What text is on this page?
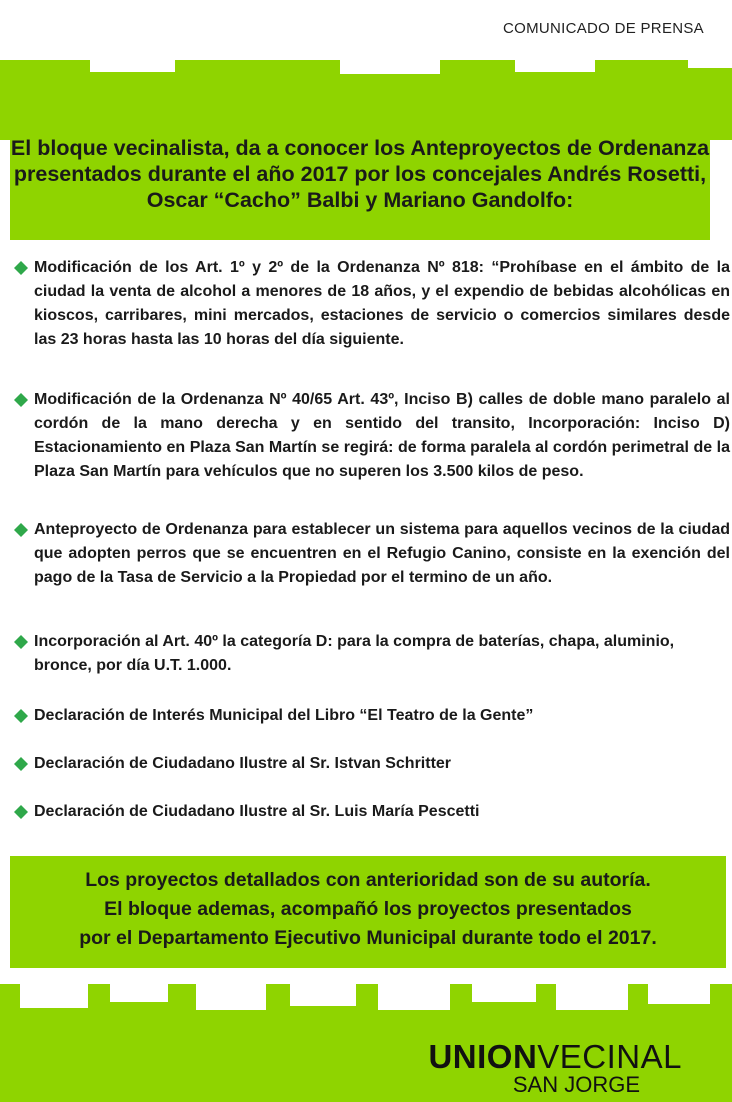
COMUNICADO DE PRENSA
El bloque vecinalista, da a conocer los Anteproyectos de Ordenanza presentados durante el año 2017 por los concejales Andrés Rosetti, Oscar “Cacho” Balbi y Mariano Gandolfo:
Modificación de los Art. 1º y 2º de la Ordenanza Nº 818: “Prohíbase en el ámbito de la ciudad la venta de alcohol a menores de 18 años, y el expendio de bebidas alcohólicas en kioscos, carribares, mini mercados, estaciones de servicio o comercios similares desde las 23 horas hasta las 10 horas del día siguiente.
Modificación de la Ordenanza Nº 40/65 Art. 43º, Inciso B) calles de doble mano paralelo al cordón de la mano derecha y en sentido del transito, Incorporación: Inciso D) Estacionamiento en Plaza San Martín se regirá: de forma paralela al cordón perimetral de la Plaza San Martín para vehículos que no superen los 3.500 kilos de peso.
Anteproyecto de Ordenanza para establecer un sistema para aquellos vecinos de la ciudad que adopten perros que se encuentren en el Refugio Canino, consiste en la exención del pago de la Tasa de Servicio a la Propiedad por el termino de un año.
Incorporación al Art. 40º la categoría D: para la compra de baterías, chapa, aluminio, bronce, por día U.T. 1.000.
Declaración de Interés Municipal del Libro “El Teatro de la Gente”
Declaración de Ciudadano Ilustre al Sr. Istvan Schritter
Declaración de Ciudadano Ilustre al Sr. Luis María Pescetti
Los proyectos detallados con anterioridad son de su autoría.
El bloque ademas, acompañó los proyectos presentados
por el Departamento Ejecutivo Municipal durante todo el 2017.
UNIONVECINAL
SAN JORGE
